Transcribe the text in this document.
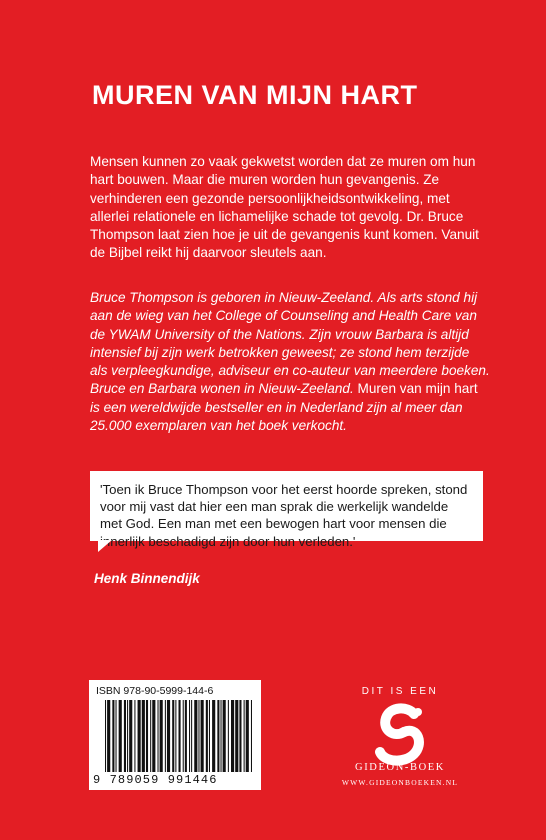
MUREN VAN MIJN HART

Mensen kunnen zo vaak gekwetst worden dat ze muren om hun hart bouwen. Maar die muren worden hun gevangenis. Ze verhinderen een gezonde persoonlijkheidsontwikkeling, met allerlei relationele en lichamelijke schade tot gevolg. Dr. Bruce Thompson laat zien hoe je uit de gevangenis kunt komen. Vanuit de Bijbel reikt hij daarvoor sleutels aan.

Bruce Thompson is geboren in Nieuw-Zeeland. Als arts stond hij aan de wieg van het College of Counseling and Health Care van de YWAM University of the Nations. Zijn vrouw Barbara is altijd intensief bij zijn werk betrokken geweest; ze stond hem terzijde als verpleegkundige, adviseur en co-auteur van meerdere boeken. Bruce en Barbara wonen in Nieuw-Zeeland. Muren van mijn hart is een wereldwijde bestseller en in Nederland zijn al meer dan 25.000 exemplaren van het boek verkocht.

'Toen ik Bruce Thompson voor het eerst hoorde spreken, stond voor mij vast dat hier een man sprak die werkelijk wandelde met God. Een man met een bewogen hart voor mensen die innerlijk beschadigd zijn door hun verleden.'

Henk Binnendijk

ISBN 978-90-5999-144-6
9 789059 991446
DIT IS EEN
GIDEON-BOEK
WWW.GIDEONBOEKEN.NL
